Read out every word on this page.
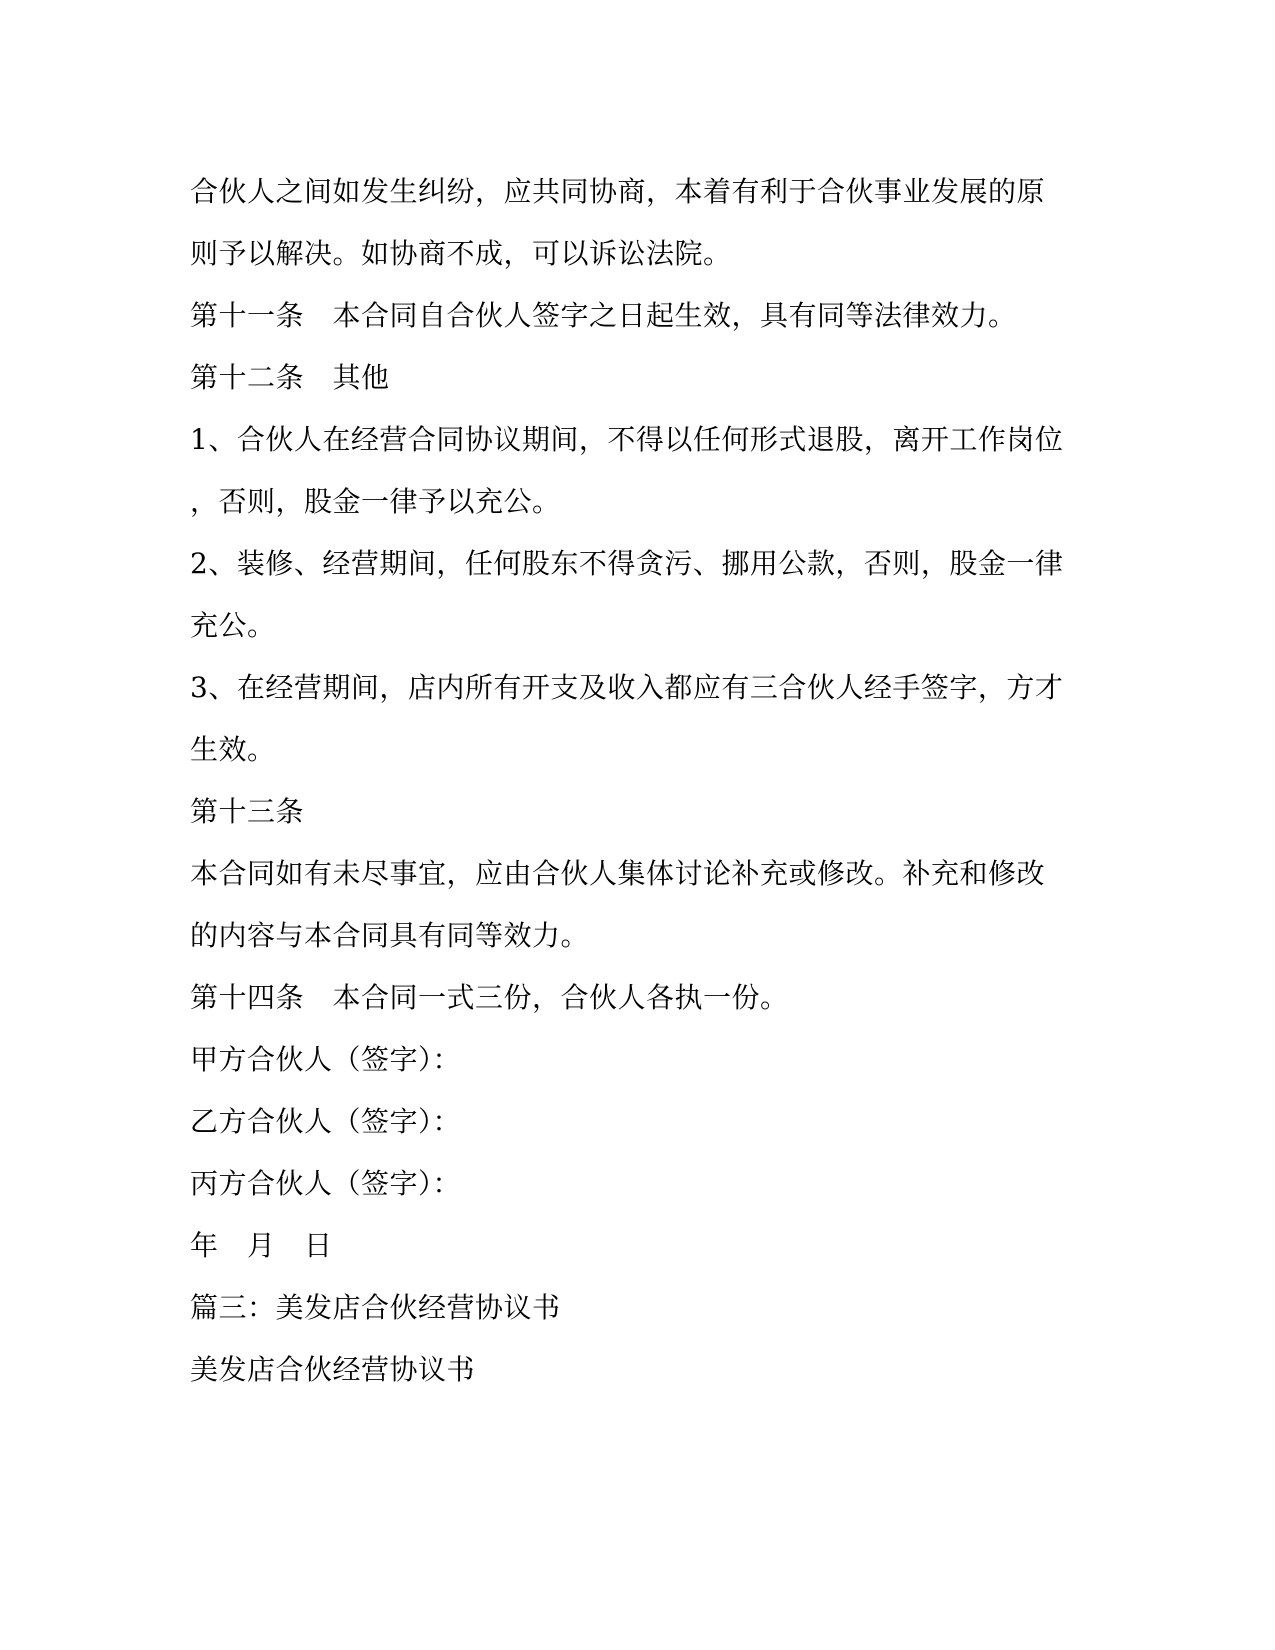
合伙人之间如发生纠纷，应共同协商，本着有利于合伙事业发展的原
则予以解决。如协商不成，可以诉讼法院。
第十一条　本合同自合伙人签字之日起生效，具有同等法律效力。
第十二条　其他
1、合伙人在经营合同协议期间，不得以任何形式退股，离开工作岗位
，否则，股金一律予以充公。
2、装修、经营期间，任何股东不得贪污、挪用公款，否则，股金一律
充公。
3、在经营期间，店内所有开支及收入都应有三合伙人经手签字，方才
生效。
第十三条
本合同如有未尽事宜，应由合伙人集体讨论补充或修改。补充和修改
的内容与本合同具有同等效力。
第十四条　本合同一式三份，合伙人各执一份。
甲方合伙人（签字）：
乙方合伙人（签字）：
丙方合伙人（签字）：
年　月　日
篇三：美发店合伙经营协议书
美发店合伙经营协议书
